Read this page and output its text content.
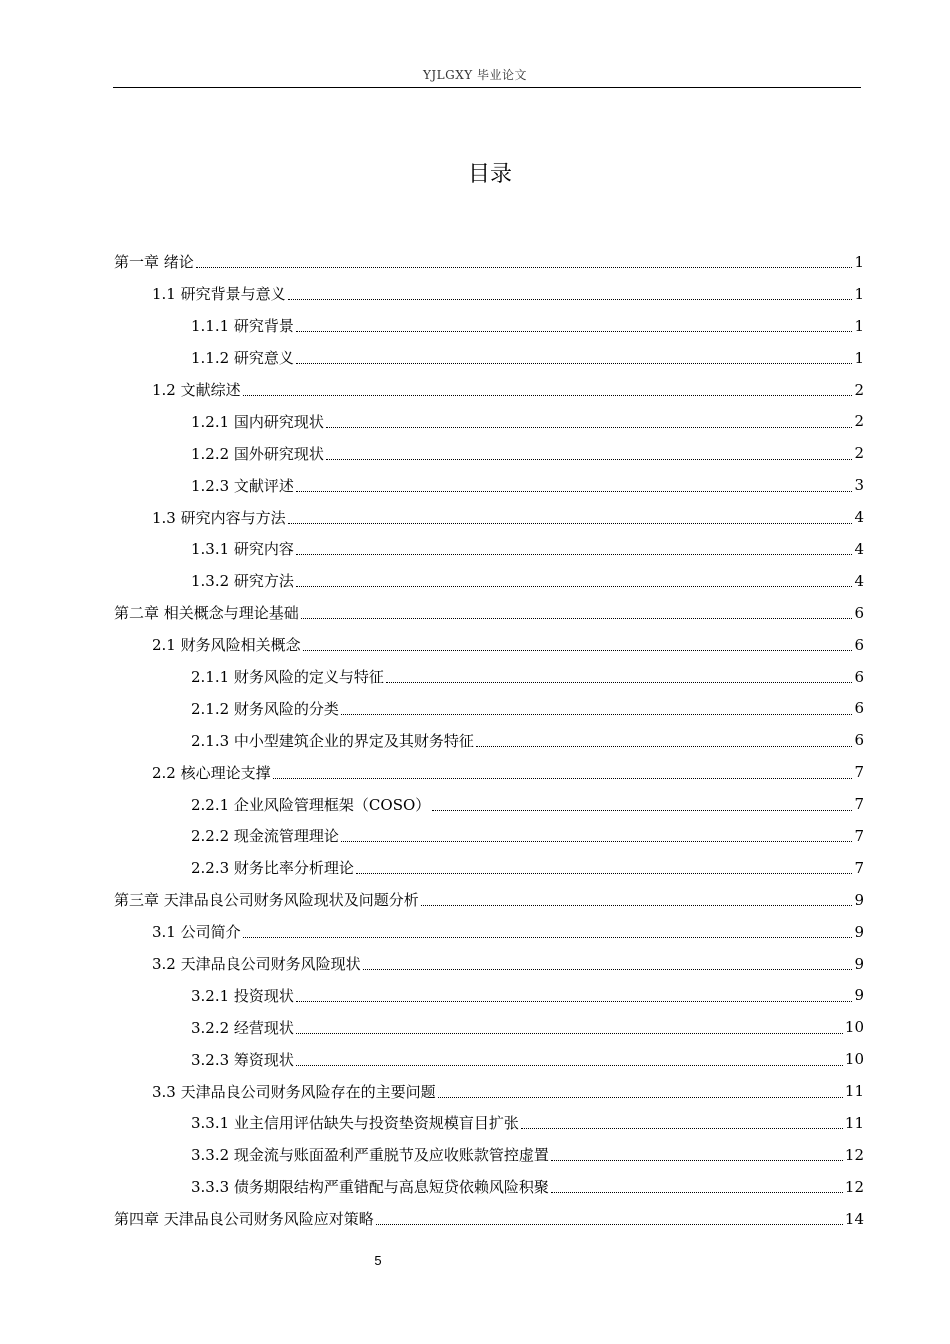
YJLGXY 毕业论文
目录
第一章 绪论	1
1.1 研究背景与意义	1
1.1.1 研究背景	1
1.1.2 研究意义	1
1.2 文献综述	2
1.2.1 国内研究现状	2
1.2.2 国外研究现状	2
1.2.3 文献评述	3
1.3 研究内容与方法	4
1.3.1 研究内容	4
1.3.2 研究方法	4
第二章 相关概念与理论基础	6
2.1 财务风险相关概念	6
2.1.1 财务风险的定义与特征	6
2.1.2 财务风险的分类	6
2.1.3 中小型建筑企业的界定及其财务特征	6
2.2 核心理论支撑	7
2.2.1 企业风险管理框架（COSO）	7
2.2.2 现金流管理理论	7
2.2.3 财务比率分析理论	7
第三章 天津品良公司财务风险现状及问题分析	9
3.1 公司简介	9
3.2 天津品良公司财务风险现状	9
3.2.1 投资现状	9
3.2.2 经营现状	10
3.2.3 筹资现状	10
3.3 天津品良公司财务风险存在的主要问题	11
3.3.1 业主信用评估缺失与投资垫资规模盲目扩张	11
3.3.2 现金流与账面盈利严重脱节及应收账款管控虚置	12
3.3.3 债务期限结构严重错配与高息短贷依赖风险积聚	12
第四章 天津品良公司财务风险应对策略	14
5
